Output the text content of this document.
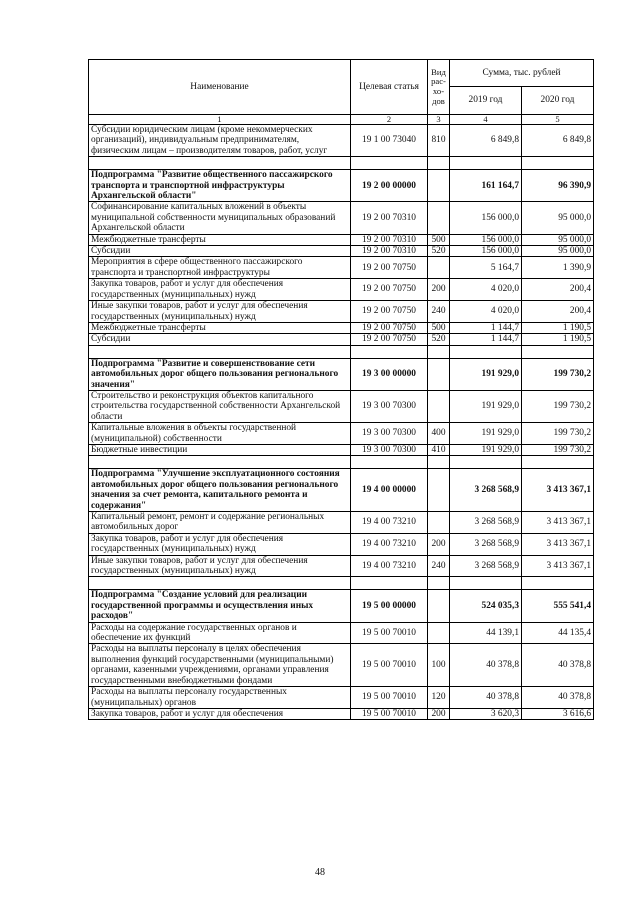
Наименование	Целевая статья	Вид рас-хо-дов	Сумма, тыс. рублей	
			2019 год	2020 год
1	2	3	4	5
Субсидии юридическим лицам (кроме некоммерческих организаций), индивидуальным предпринимателям, физическим лицам – производителям товаров, работ, услуг	19 1 00 73040	810	6 849,8	6 849,8

Подпрограмма "Развитие общественного пассажирского транспорта и транспортной инфраструктуры Архангельской области"	19 2 00 00000		161 164,7	96 390,9
Софинансирование капитальных вложений в объекты муниципальной собственности муниципальных образований Архангельской области	19 2 00 70310		156 000,0	95 000,0
Межбюджетные трансферты	19 2 00 70310	500	156 000,0	95 000,0
Субсидии	19 2 00 70310	520	156 000,0	95 000,0
Мероприятия в сфере общественного пассажирского транспорта и транспортной инфраструктуры	19 2 00 70750		5 164,7	1 390,9
Закупка товаров, работ и услуг для обеспечения государственных (муниципальных) нужд	19 2 00 70750	200	4 020,0	200,4
Иные закупки товаров, работ и услуг для обеспечения государственных (муниципальных) нужд	19 2 00 70750	240	4 020,0	200,4
Межбюджетные трансферты	19 2 00 70750	500	1 144,7	1 190,5
Субсидии	19 2 00 70750	520	1 144,7	1 190,5

Подпрограмма "Развитие и совершенствование сети автомобильных дорог общего пользования регионального значения"	19 3 00 00000		191 929,0	199 730,2
Строительство и реконструкция объектов капитального строительства государственной собственности Архангельской области	19 3 00 70300		191 929,0	199 730,2
Капитальные вложения в объекты государственной (муниципальной) собственности	19 3 00 70300	400	191 929,0	199 730,2
Бюджетные инвестиции	19 3 00 70300	410	191 929,0	199 730,2

Подпрограмма "Улучшение эксплуатационного состояния автомобильных дорог общего пользования регионального значения за счет ремонта, капитального ремонта и содержания"	19 4 00 00000		3 268 568,9	3 413 367,1
Капитальный ремонт, ремонт и содержание региональных автомобильных дорог	19 4 00 73210		3 268 568,9	3 413 367,1
Закупка товаров, работ и услуг для обеспечения государственных (муниципальных) нужд	19 4 00 73210	200	3 268 568,9	3 413 367,1
Иные закупки товаров, работ и услуг для обеспечения государственных (муниципальных) нужд	19 4 00 73210	240	3 268 568,9	3 413 367,1

Подпрограмма "Создание условий для реализации государственной программы и осуществления иных расходов"	19 5 00 00000		524 035,3	555 541,4
Расходы на содержание государственных органов и обеспечение их функций	19 5 00 70010		44 139,1	44 135,4
Расходы на выплаты персоналу в целях обеспечения выполнения функций государственными (муниципальными) органами, казенными учреждениями, органами управления государственными внебюджетными фондами	19 5 00 70010	100	40 378,8	40 378,8
Расходы на выплаты персоналу государственных (муниципальных) органов	19 5 00 70010	120	40 378,8	40 378,8
Закупка товаров, работ и услуг для обеспечения	19 5 00 70010	200	3 620,3	3 616,6
48
